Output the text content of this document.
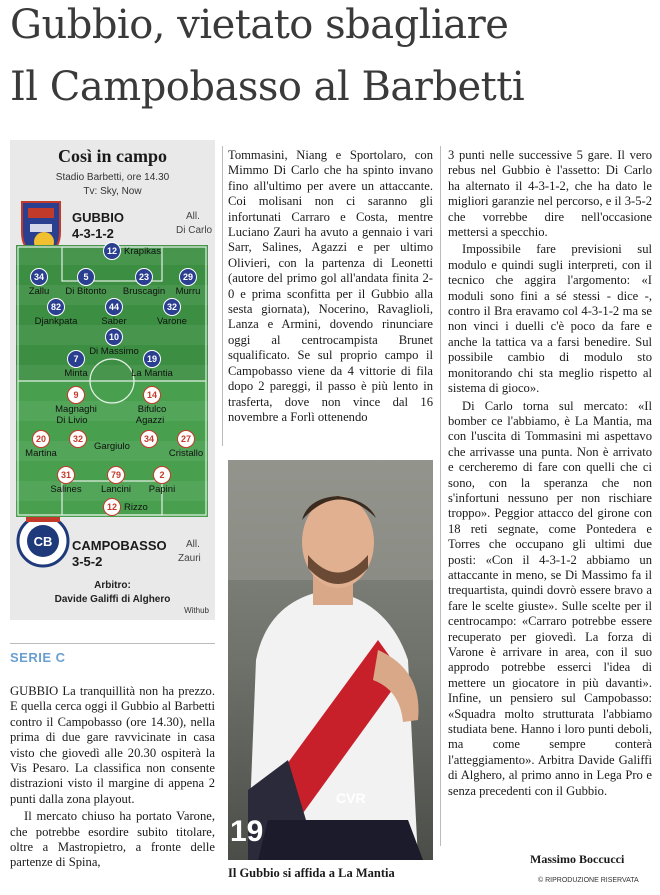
Gubbio, vietato sbagliare
Il Campobasso al Barbetti
Così in campo
Stadio Barbetti, ore 14.30
Tv: Sky, Now
GUBBIO
4-3-1-2
All.
Di Carlo
CB CAMPOBASSO
3-5-2
All.
Zauri
Arbitro:
Davide Galiffi di Alghero
Withub
12 Krapikas
34
Zallu
5
Di Bitonto
23
Bruscagin
29
Murru
82
Djankpata
44
Saber
32
Varone
10
Di Massimo
7
Minta
19
La Mantia
9
Magnaghi
14
Bifulco
Di Livio	Agazzi
20
Martina
32
Gargiulo
34	27
Cristallo
31
Salines
79
Lancini
2
Papini
12 Rizzo
SERIE C

GUBBIO La tranquillità non ha prezzo. E quella cerca oggi il Gubbio al Barbetti contro il Campobasso (ore 14.30), nella prima di due gare ravvicinate in casa visto che giovedì alle 20.30 ospiterà la Vis Pesaro. La classifica non consente distrazioni visto il margine di appena 2 punti dalla zona playout.

Il mercato chiuso ha portato Varone, che potrebbe esordire subito titolare, oltre a Mastropietro, a fronte delle partenze di Spina,

Tommasini, Niang e Sportolaro, con Mimmo Di Carlo che ha spinto invano fino all'ultimo per avere un attaccante. Coi molisani non ci saranno gli infortunati Carraro e Costa, mentre Luciano Zauri ha avuto a gennaio i vari Sarr, Salines, Agazzi e per ultimo Olivieri, con la partenza di Leonetti (autore del primo gol all'andata finita 2-0 e prima sconfitta per il Gubbio alla sesta giornata), Nocerino, Ravaglioli, Lanza e Armini, dovendo rinunciare oggi al centrocampista Brunet squalificato. Se sul proprio campo il Campobasso viene da 4 vittorie di fila dopo 2 pareggi, il passo è più lento in trasferta, dove non vince dal 16 novembre a Forlì ottenendo

19
CVR
Il Gubbio si affida a La Mantia

3 punti nelle successive 5 gare. Il vero rebus nel Gubbio è l'assetto: Di Carlo ha alternato il 4-3-1-2, che ha dato le migliori garanzie nel percorso, e il 3-5-2 che vorrebbe dire nell'occasione mettersi a specchio.

Impossibile fare previsioni sul modulo e quindi sugli interpreti, con il tecnico che aggira l'argomento: «I moduli sono fini a sé stessi - dice -, contro il Bra eravamo col 4-3-1-2 ma se non vinci i duelli c'è poco da fare e anche la tattica va a farsi benedire. Sul possibile cambio di modulo sto monitorando chi sta meglio rispetto al sistema di gioco».

Di Carlo torna sul mercato: «Il bomber ce l'abbiamo, è La Mantia, ma con l'uscita di Tommasini mi aspettavo che arrivasse una punta. Non è arrivato e cercheremo di fare con quelli che ci sono, con la speranza che non s'infortuni nessuno per non rischiare troppo». Peggior attacco del girone con 18 reti segnate, come Pontedera e Torres che occupano gli ultimi due posti: «Con il 4-3-1-2 abbiamo un attaccante in meno, se Di Massimo fa il trequartista, quindi dovrò essere bravo a fare le scelte giuste». Sulle scelte per il centrocampo: «Carraro potrebbe essere recuperato per giovedì. La forza di Varone è arrivare in area, con il suo approdo potrebbe esserci l'idea di mettere un giocatore in più davanti». Infine, un pensiero sul Campobasso: «Squadra molto strutturata l'abbiamo studiata bene. Hanno i loro punti deboli, ma come sempre conterà l'atteggiamento». Arbitra Davide Galiffi di Alghero, al primo anno in Lega Pro e senza precedenti con il Gubbio.

Massimo Boccucci
© RIPRODUZIONE RISERVATA
